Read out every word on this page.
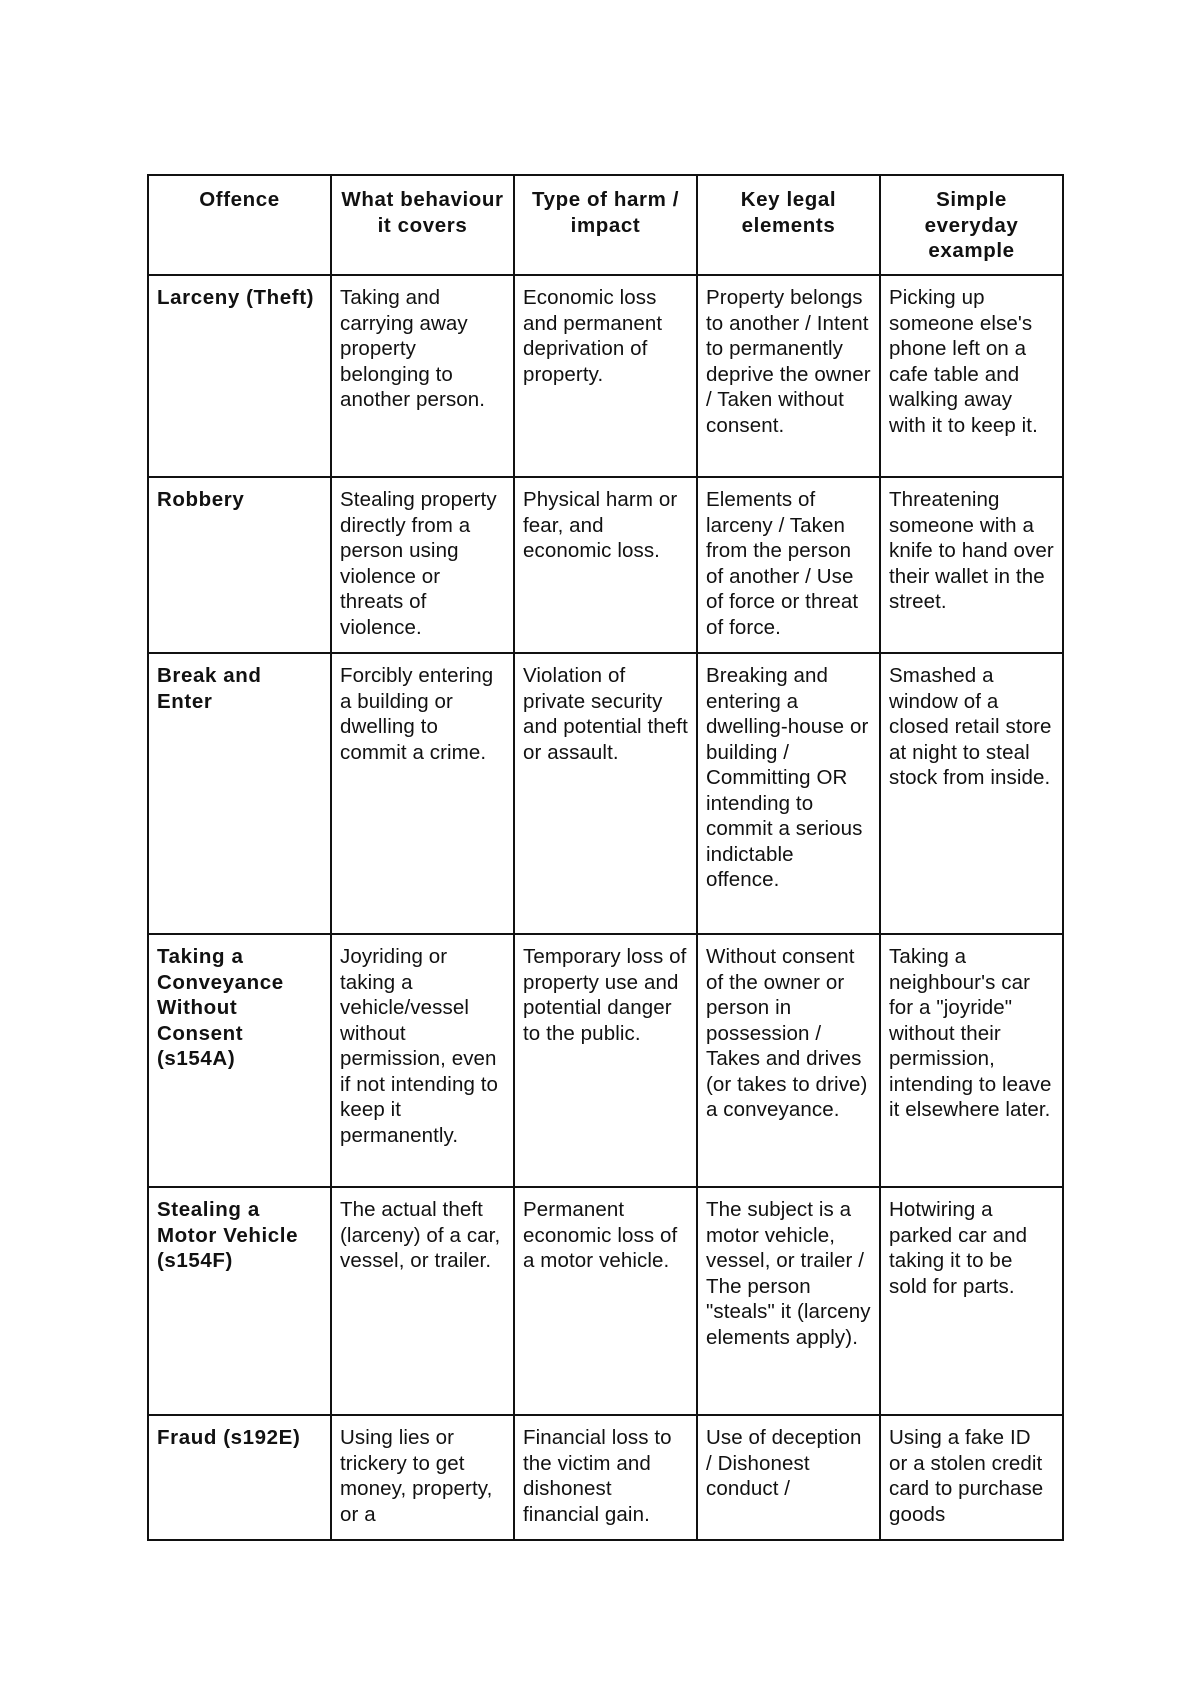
Offence	What behaviour it covers	Type of harm / impact	Key legal elements	Simple everyday example
Larceny (Theft)	Taking and carrying away property belonging to another person.	Economic loss and permanent deprivation of property.	Property belongs to another / Intent to permanently deprive the owner / Taken without consent.	Picking up someone else's phone left on a cafe table and walking away with it to keep it.
Robbery	Stealing property directly from a person using violence or threats of violence.	Physical harm or fear, and economic loss.	Elements of larceny / Taken from the person of another / Use of force or threat of force.	Threatening someone with a knife to hand over their wallet in the street.
Break and Enter	Forcibly entering a building or dwelling to commit a crime.	Violation of private security and potential theft or assault.	Breaking and entering a dwelling-house or building / Committing OR intending to commit a serious indictable offence.	Smashed a window of a closed retail store at night to steal stock from inside.
Taking a Conveyance Without Consent (s154A)	Joyriding or taking a vehicle/vessel without permission, even if not intending to keep it permanently.	Temporary loss of property use and potential danger to the public.	Without consent of the owner or person in possession / Takes and drives (or takes to drive) a conveyance.	Taking a neighbour's car for a "joyride" without their permission, intending to leave it elsewhere later.
Stealing a Motor Vehicle (s154F)	The actual theft (larceny) of a car, vessel, or trailer.	Permanent economic loss of a motor vehicle.	The subject is a motor vehicle, vessel, or trailer / The person "steals" it (larceny elements apply).	Hotwiring a parked car and taking it to be sold for parts.
Fraud (s192E)	Using lies or trickery to get money, property, or a	Financial loss to the victim and dishonest financial gain.	Use of deception / Dishonest conduct /	Using a fake ID or a stolen credit card to purchase goods
